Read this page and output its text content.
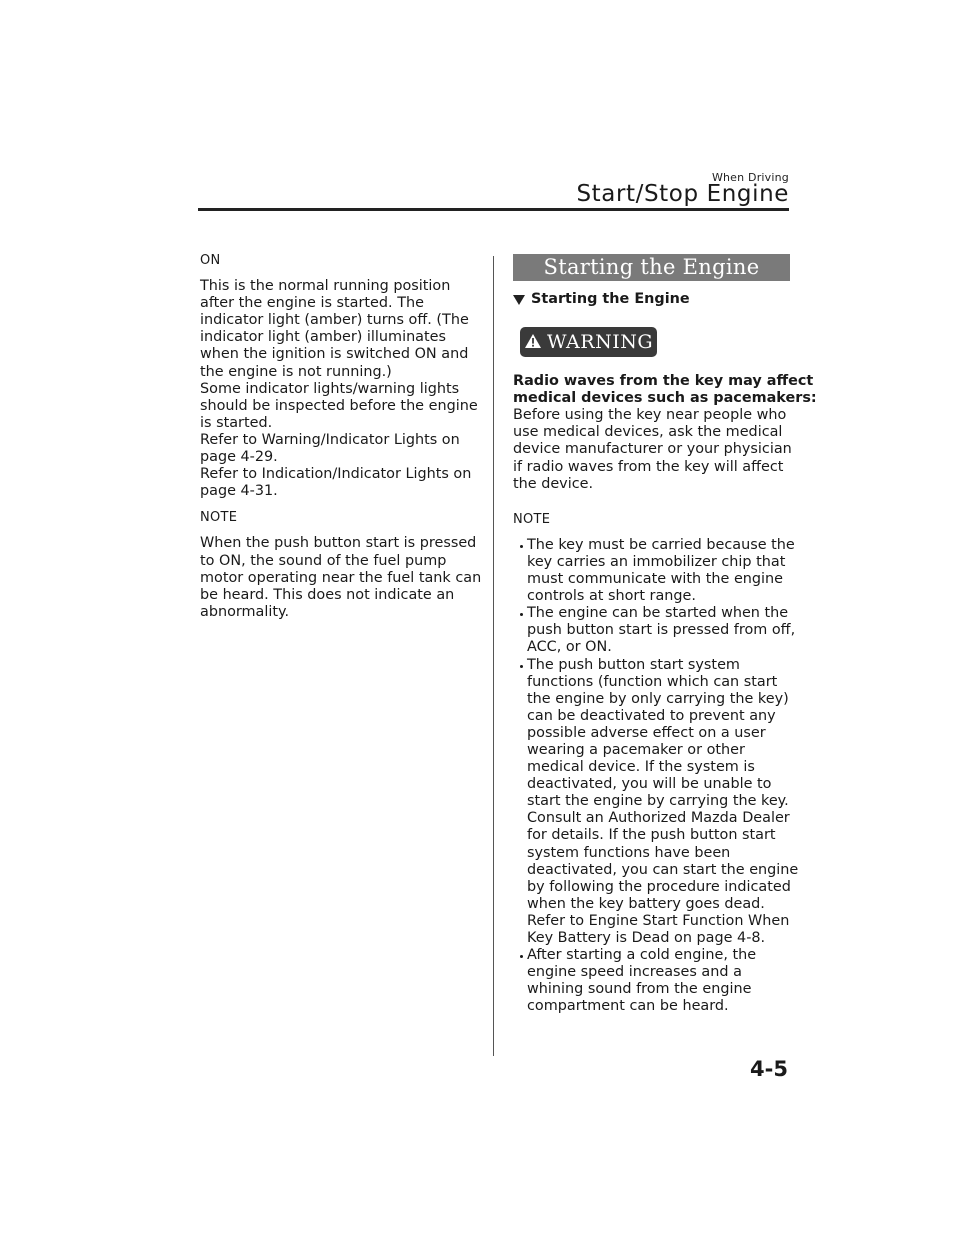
When Driving
Start/Stop Engine
ON
This is the normal running position
after the engine is started. The
indicator light (amber) turns off. (The
indicator light (amber) illuminates
when the ignition is switched ON and
the engine is not running.)
Some indicator lights/warning lights
should be inspected before the engine
is started.
Refer to Warning/Indicator Lights on
page 4-29.
Refer to Indication/Indicator Lights on
page 4-31.
NOTE
When the push button start is pressed
to ON, the sound of the fuel pump
motor operating near the fuel tank can
be heard. This does not indicate an
abnormality.
Starting the Engine
Starting the Engine
WARNING
Radio waves from the key may affect
medical devices such as pacemakers:
Before using the key near people who
use medical devices, ask the medical
device manufacturer or your physician
if radio waves from the key will affect
the device.
NOTE
The key must be carried because the
key carries an immobilizer chip that
must communicate with the engine
controls at short range.
The engine can be started when the
push button start is pressed from off,
ACC, or ON.
The push button start system
functions (function which can start
the engine by only carrying the key)
can be deactivated to prevent any
possible adverse effect on a user
wearing a pacemaker or other
medical device. If the system is
deactivated, you will be unable to
start the engine by carrying the key.
Consult an Authorized Mazda Dealer
for details. If the push button start
system functions have been
deactivated, you can start the engine
by following the procedure indicated
when the key battery goes dead.
Refer to Engine Start Function When
Key Battery is Dead on page 4-8.
After starting a cold engine, the
engine speed increases and a
whining sound from the engine
compartment can be heard.
4-5
